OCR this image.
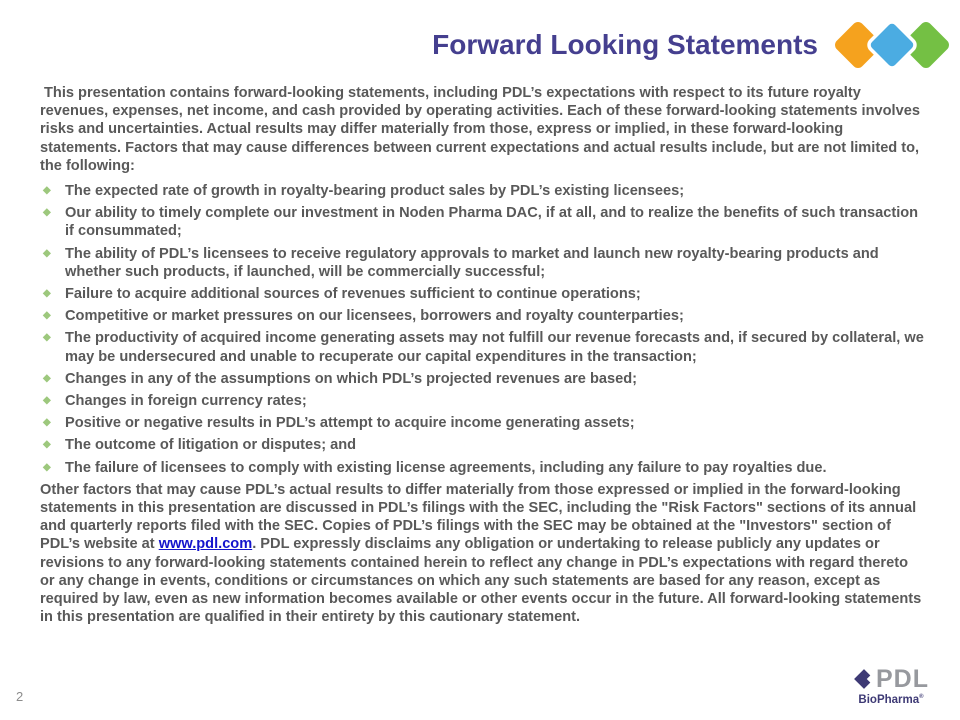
Forward Looking Statements

This presentation contains forward-looking statements, including PDL’s expectations with respect to its future royalty revenues, expenses, net income, and cash provided by operating activities. Each of these forward-looking statements involves risks and uncertainties. Actual results may differ materially from those, express or implied, in these forward-looking statements. Factors that may cause differences between current expectations and actual results include, but are not limited to, the following:

◆ The expected rate of growth in royalty-bearing product sales by PDL’s existing licensees;
◆ Our ability to timely complete our investment in Noden Pharma DAC, if at all, and to realize the benefits of such transaction if consummated;
◆ The ability of PDL’s licensees to receive regulatory approvals to market and launch new royalty-bearing products and whether such products, if launched, will be commercially successful;
◆ Failure to acquire additional sources of revenues sufficient to continue operations;
◆ Competitive or market pressures on our licensees, borrowers and royalty counterparties;
◆ The productivity of acquired income generating assets may not fulfill our revenue forecasts and, if secured by collateral, we may be undersecured and unable to recuperate our capital expenditures in the transaction;
◆ Changes in any of the assumptions on which PDL’s projected revenues are based;
◆ Changes in foreign currency rates;
◆ Positive or negative results in PDL’s attempt to acquire income generating assets;
◆ The outcome of litigation or disputes; and
◆ The failure of licensees to comply with existing license agreements, including any failure to pay royalties due.

Other factors that may cause PDL’s actual results to differ materially from those expressed or implied in the forward-looking statements in this presentation are discussed in PDL’s filings with the SEC, including the "Risk Factors" sections of its annual and quarterly reports filed with the SEC. Copies of PDL’s filings with the SEC may be obtained at the "Investors" section of PDL’s website at www.pdl.com. PDL expressly disclaims any obligation or undertaking to release publicly any updates or revisions to any forward-looking statements contained herein to reflect any change in PDL’s expectations with regard thereto or any change in events, conditions or circumstances on which any such statements are based for any reason, except as required by law, even as new information becomes available or other events occur in the future. All forward-looking statements in this presentation are qualified in their entirety by this cautionary statement.

2
PDL
BioPharma®
